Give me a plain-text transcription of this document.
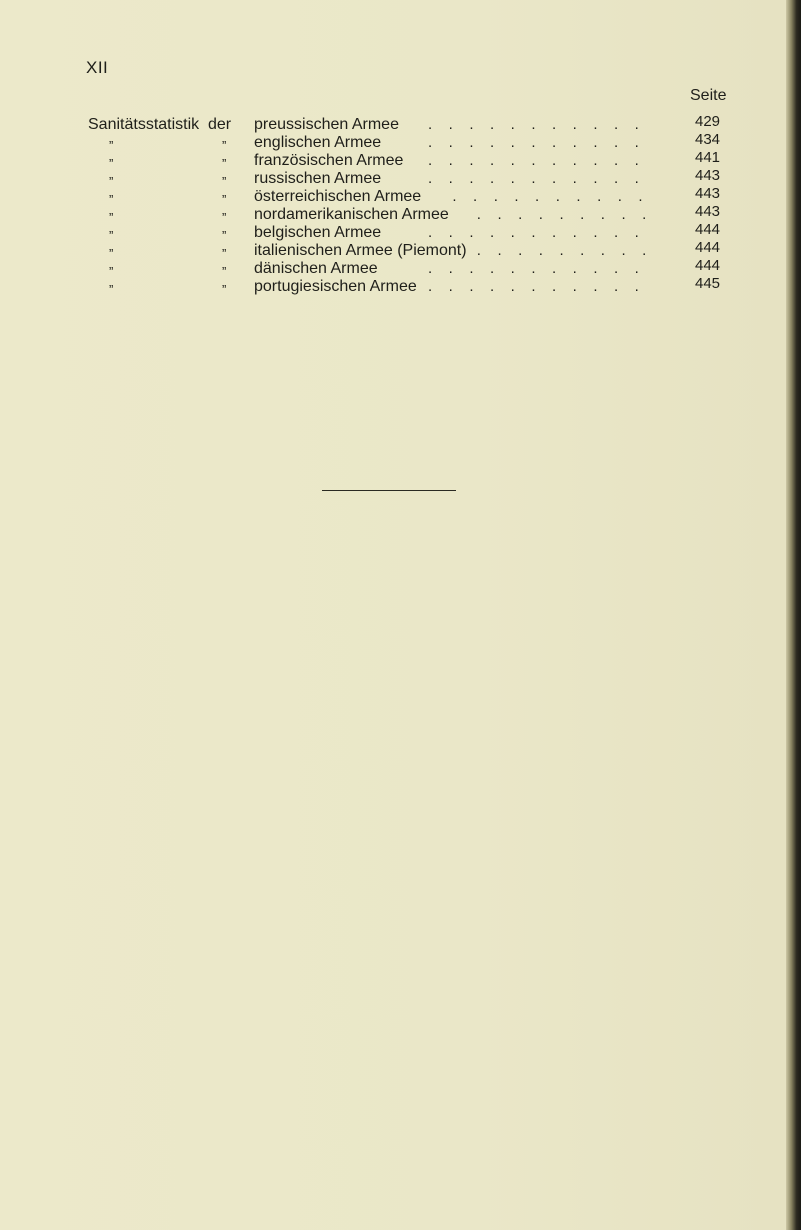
XII
Seite
Sanitätsstatistik der preussischen Armee	429
...........
”	” englischen Armee	434
...........
”	” französischen Armee	441
...........
”	” russischen Armee	443
...........
”	” österreichischen Armee	443
..........
”	” nordamerikanischen Armee	443
.........
”	” belgischen Armee	444
...........
”	” italienischen Armee (Piemont)	444
.........
”	” dänischen Armee	444
...........
”	” portugiesischen Armee	445
...........
